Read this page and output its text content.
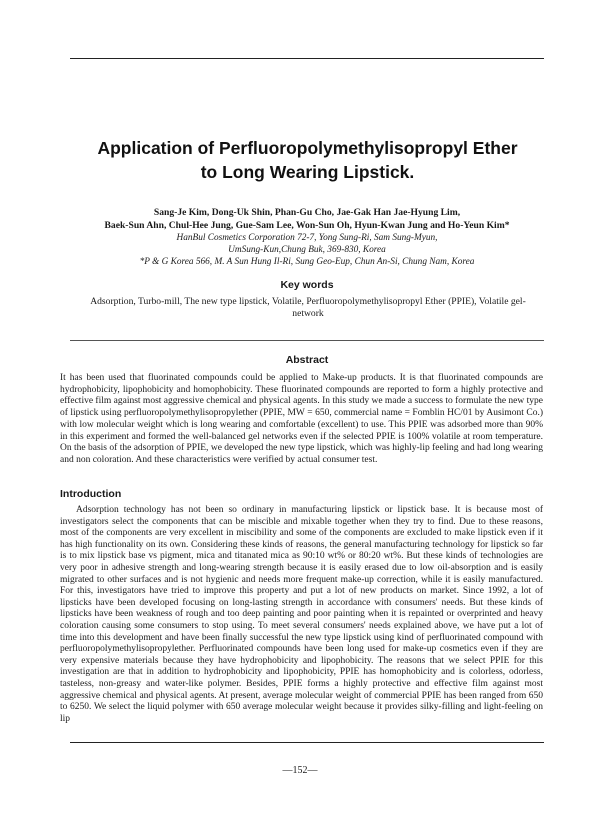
Application of Perfluoropolymethylisopropyl Ether
to Long Wearing Lipstick.
Sang-Je Kim, Dong-Uk Shin, Phan-Gu Cho, Jae-Gak Han Jae-Hyung Lim,
Baek-Sun Ahn, Chul-Hee Jung, Gue-Sam Lee, Won-Sun Oh, Hyun-Kwan Jung and Ho-Yeun Kim*
HanBul Cosmetics Corporation 72-7, Yong Sung-Ri, Sam Sung-Myun,
UmSung-Kun,Chung Buk, 369-830, Korea
*P & G Korea 566, M. A Sun Hung Il-Ri, Sung Geo-Eup, Chun An-Si, Chung Nam, Korea
Key words
Adsorption, Turbo-mill, The new type lipstick, Volatile, Perfluoropolymethylisopropyl Ether (PPIE), Volatile gel-network
Abstract

It has been used that fluorinated compounds could be applied to Make-up products. It is that fluorinated compounds are hydrophobicity, lipophobicity and homophobicity. These fluorinated compounds are reported to form a highly protective and effective film against most aggressive chemical and physical agents. In this study we made a success to formulate the new type of lipstick using perfluoropolymethylisopropylether (PPIE, MW = 650, commercial name = Fomblin HC/01 by Ausimont Co.) with low molecular weight which is long wearing and comfortable (excellent) to use. This PPIE was adsorbed more than 90% in this experiment and formed the well-balanced gel networks even if the selected PPIE is 100% volatile at room temperature. On the basis of the adsorption of PPIE, we developed the new type lipstick, which was highly-lip feeling and had long wearing and non coloration. And these characteristics were verified by actual consumer test.

Introduction

Adsorption technology has not been so ordinary in manufacturing lipstick or lipstick base. It is because most of investigators select the components that can be miscible and mixable together when they try to find. Due to these reasons, most of the components are very excellent in miscibility and some of the components are excluded to make lipstick even if it has high functionality on its own. Considering these kinds of reasons, the general manufacturing technology for lipstick so far is to mix lipstick base vs pigment, mica and titanated mica as 90:10 wt% or 80:20 wt%. But these kinds of technologies are very poor in adhesive strength and long-wearing strength because it is easily erased due to low oil-absorption and is easily migrated to other surfaces and is not hygienic and needs more frequent make-up correction, while it is easily manufactured. For this, investigators have tried to improve this property and put a lot of new products on market. Since 1992, a lot of lipsticks have been developed focusing on long-lasting strength in accordance with consumers' needs. But these kinds of lipsticks have been weakness of rough and too deep painting and poor painting when it is repainted or overprinted and heavy coloration causing some consumers to stop using. To meet several consumers' needs explained above, we have put a lot of time into this development and have been finally successful the new type lipstick using kind of perfluorinated compound with perfluoropolymethylisopropylether. Perfluorinated compounds have been long used for make-up cosmetics even if they are very expensive materials because they have hydrophobicity and lipophobicity. The reasons that we select PPIE for this investigation are that in addition to hydrophobicity and lipophobicity, PPIE has homophobicity and is colorless, odorless, tasteless, non-greasy and water-like polymer. Besides, PPIE forms a highly protective and effective film against most aggressive chemical and physical agents. At present, average molecular weight of commercial PPIE has been ranged from 650 to 6250. We select the liquid polymer with 650 average molecular weight because it provides silky-filling and light-feeling on lip

—152—
